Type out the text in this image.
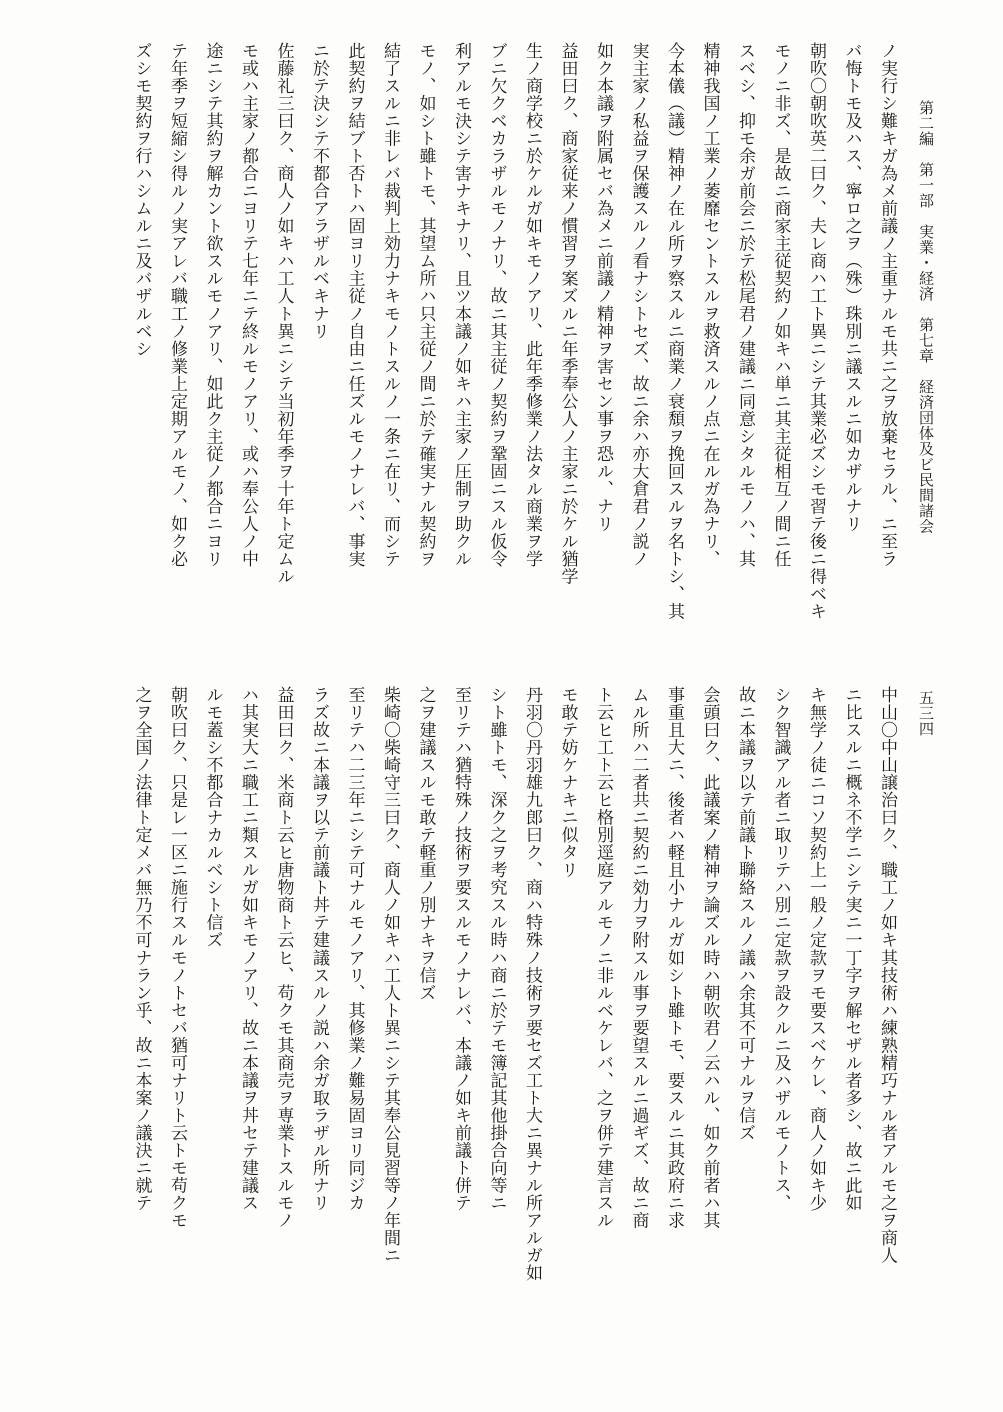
第二編　第一部　実業・経済　第七章　経済団体及ビ民間諸会
五三四
ノ実行シ難キガ為メ前議ノ主重ナルモ共ニ之ヲ放棄セラル、ニ至ラ
バ悔トモ及ハス、寧ロ之ヲ（殊）珠別ニ議スルニ如カザルナリ
朝吹〇朝吹英二曰ク、夫レ商ハ工ト異ニシテ其業必ズシモ習テ後ニ得ベキ
モノニ非ズ、是故ニ商家主従契約ノ如キハ単ニ其主従相互ノ間ニ任
スベシ、抑モ余ガ前会ニ於テ松尾君ノ建議ニ同意シタルモノハ、其
精神我国ノ工業ノ萎靡セントスルヲ救済スルノ点ニ在ルガ為ナリ、
今本儀（議）精神ノ在ル所ヲ察スルニ商業ノ衰頽ヲ挽回スルヲ名トシ、其
実主家ノ私益ヲ保護スルノ看ナシトセズ、故ニ余ハ亦大倉君ノ説ノ
如ク本議ヲ附属セバ為メニ前議ノ精神ヲ害セン事ヲ恐ル、ナリ
益田曰ク、商家従来ノ慣習ヲ案ズルニ年季奉公人ノ主家ニ於ケル猶学
生ノ商学校ニ於ケルガ如キモノアリ、此年季修業ノ法タル商業ヲ学
ブニ欠クベカラザルモノナリ、故ニ其主従ノ契約ヲ鞏固ニスル仮令
利アルモ決シテ害ナキナリ、且ツ本議ノ如キハ主家ノ圧制ヲ助クル
モノ、如シト雖トモ、其望ム所ハ只主従ノ間ニ於テ確実ナル契約ヲ
結了スルニ非レバ裁判上効力ナキモノトスルノ一条ニ在リ、而シテ
此契約ヲ結ブト否トハ固ヨリ主従ノ自由ニ任ズルモノナレバ、事実
ニ於テ決シテ不都合アラザルベキナリ
佐藤礼三曰ク、商人ノ如キハ工人ト異ニシテ当初年季ヲ十年ト定ムル
モ或ハ主家ノ都合ニヨリテ七年ニテ終ルモノアリ、或ハ奉公人ノ中
途ニシテ其約ヲ解カント欲スルモノアリ、如此ク主従ノ都合ニヨリ
テ年季ヲ短縮シ得ルノ実アレバ職工ノ修業上定期アルモノ、如ク必
ズシモ契約ヲ行ハシムルニ及バザルベシ
中山〇中山譲治曰ク、職工ノ如キ其技術ハ練熟精巧ナル者アルモ之ヲ商人
ニ比スルニ概ネ不学ニシテ実ニ一丁字ヲ解セザル者多シ、故ニ此如
キ無学ノ徒ニコソ契約上一般ノ定款ヲモ要スベケレ、商人ノ如キ少
シク智識アル者ニ取リテハ別ニ定款ヲ設クルニ及ハザルモノトス、
故ニ本議ヲ以テ前議ト聯絡スルノ議ハ余其不可ナルヲ信ズ
会頭曰ク、此議案ノ精神ヲ論ズル時ハ朝吹君ノ云ハル、如ク前者ハ其
事重且大ニ、後者ハ軽且小ナルガ如シト雖トモ、要スルニ其政府ニ求
ムル所ハ二者共ニ契約ニ効力ヲ附スル事ヲ要望スルニ過ギズ、故ニ商
ト云ヒ工ト云ヒ格別逕庭アルモノニ非ルベケレバ、之ヲ併テ建言スル
モ敢テ妨ケナキニ似タリ
丹羽〇丹羽雄九郎曰ク、商ハ特殊ノ技術ヲ要セズ工ト大ニ異ナル所アルガ如
シト雖トモ、深ク之ヲ考究スル時ハ商ニ於テモ簿記其他掛合向等ニ
至リテハ猶特殊ノ技術ヲ要スルモノナレバ、本議ノ如キ前議ト併テ
之ヲ建議スルモ敢テ軽重ノ別ナキヲ信ズ
柴崎〇柴崎守三曰ク、商人ノ如キハ工人ト異ニシテ其奉公見習等ノ年間ニ
至リテハ二三年ニシテ可ナルモノアリ、其修業ノ難易固ヨリ同ジカ
ラズ故ニ本議ヲ以テ前議ト丼テ建議スルノ説ハ余ガ取ラザル所ナリ
益田曰ク、米商ト云ヒ唐物商ト云ヒ、苟クモ其商売ヲ専業トスルモノ
ハ其実大ニ職工ニ類スルガ如キモノアリ、故ニ本議ヲ丼セテ建議ス
ルモ蓋シ不都合ナカルベシト信ズ
朝吹曰ク、只是レ一区ニ施行スルモノトセバ猶可ナリト云トモ苟クモ
之ヲ全国ノ法律ト定メバ無乃不可ナラン乎、故ニ本案ノ議決ニ就テ
